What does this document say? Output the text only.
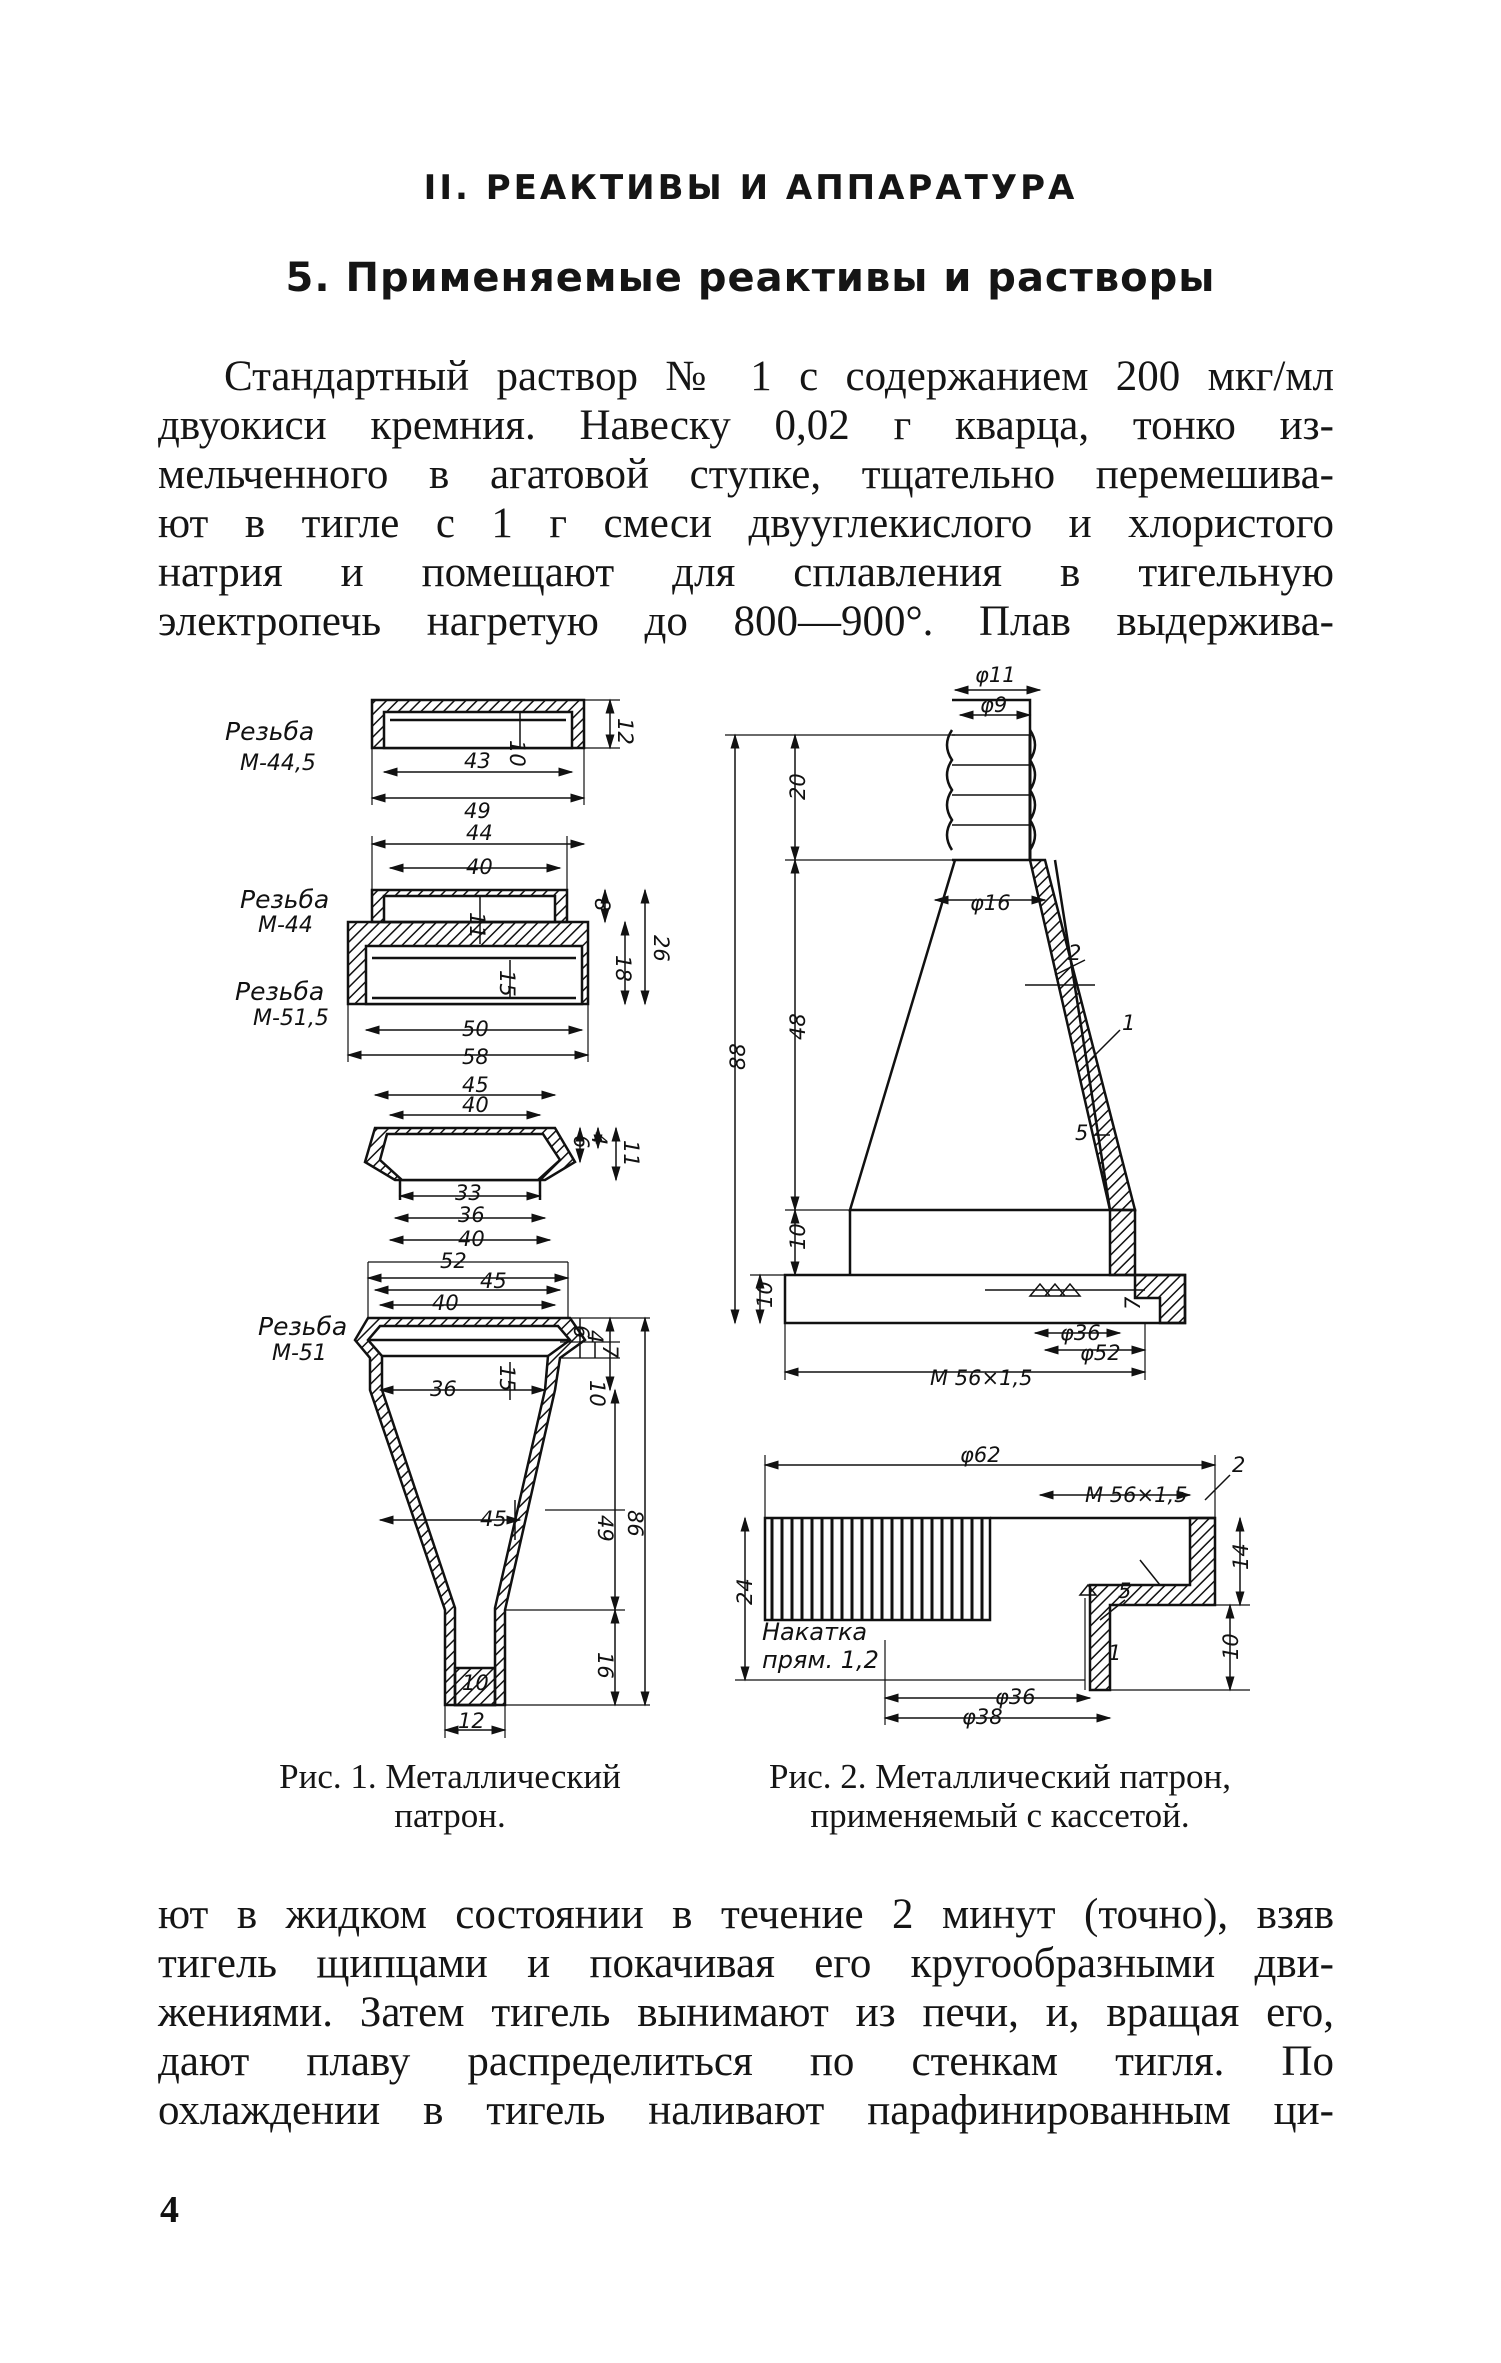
II. РЕАКТИВЫ И АППАРАТУРА
5. Применяемые реактивы и растворы
Стандартный раствор № 1 с содержанием 200 мкг/мл
двуокиси кремния. Навеску 0,02 г кварца, тонко из-
мельченного в агатовой ступке, тщательно перемешива-
ют в тигле с 1 г смеси двууглекислого и хлористого
натрия и помещают для сплавления в тигельную
электропечь нагретую до 800—900°. Плав выдержива-
Резьба
М-44,5
Резьба
М-44
Резьба
М-51,5
Резьба
М-51
43
49
10
12
44
40
11
8
15
18
26
50
58
45
40
6
4
11
33
36
40
52
45
40
6
4
7
15
36	10
45	49 86
16
10
12
φ11
φ9
20
φ16
2
1
48
88
5
10
10	7
φ36
φ52
М 56×1,5
φ62
М 56×1,5
2
24
14
5
1	10
Накатка
прям. 1,2
φ36
φ38
Рис. 1. Металлический
патрон.
Рис. 2. Металлический патрон,
применяемый с кассетой.
ют в жидком состоянии в течение 2 минут (точно), взяв
тигель щипцами и покачивая его кругообразными дви-
жениями. Затем тигель вынимают из печи, и, вращая его,
дают плаву распределиться по стенкам тигля. По
охлаждении в тигель наливают парафинированным ци-
4
